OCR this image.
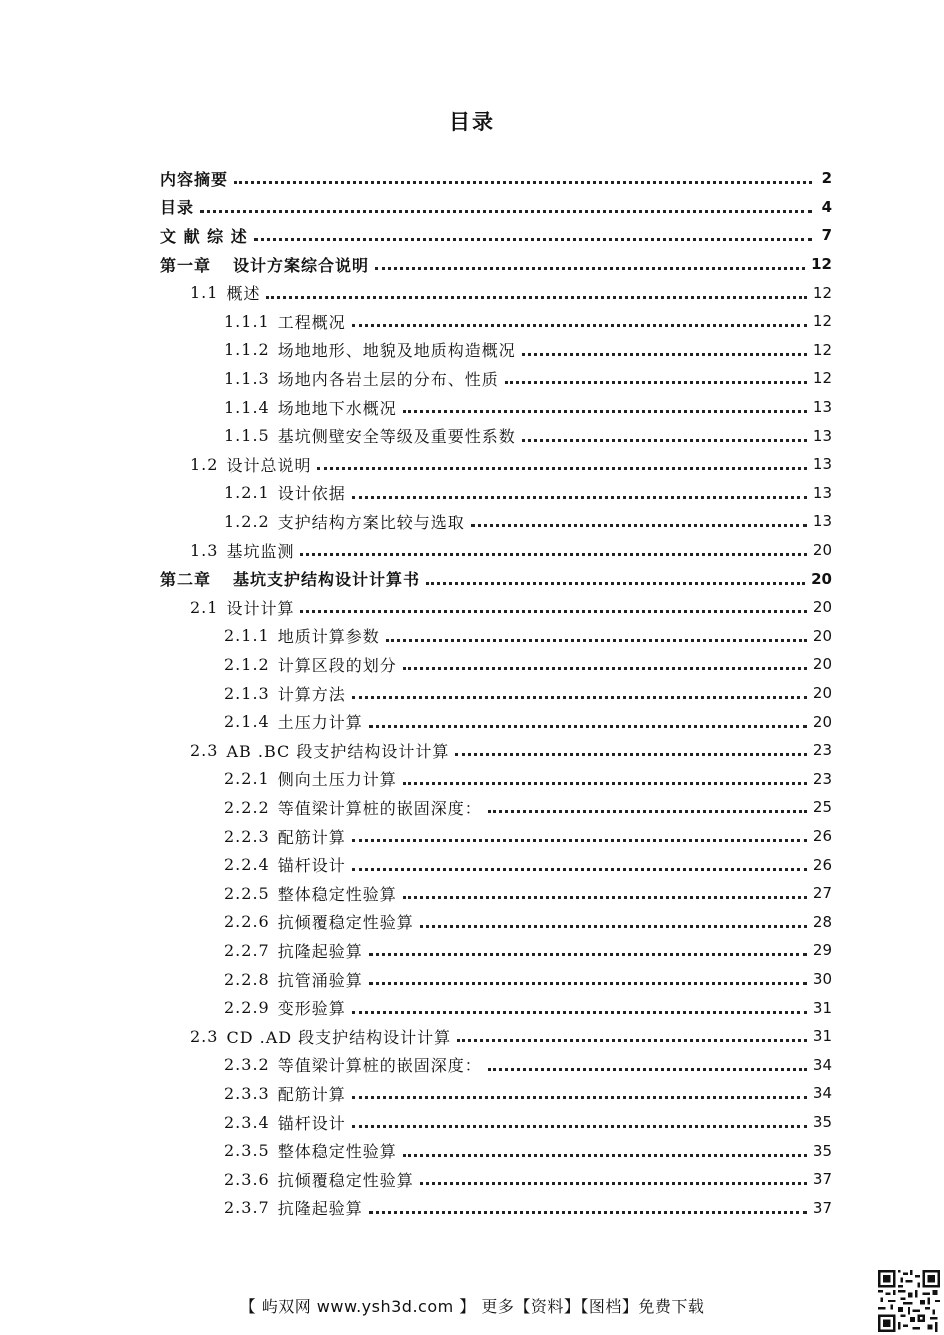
目录
内容摘要	2
目录	4
文 献 综 述	7
第一章 设计方案综合说明	12
1.1 概述	12
1.1.1 工程概况	12
1.1.2 场地地形、地貌及地质构造概况	12
1.1.3 场地内各岩土层的分布、性质	12
1.1.4 场地地下水概况	13
1.1.5 基坑侧壁安全等级及重要性系数	13
1.2 设计总说明	13
1.2.1 设计依据	13
1.2.2 支护结构方案比较与选取	13
1.3 基坑监测	20
第二章 基坑支护结构设计计算书	20
2.1 设计计算	20
2.1.1 地质计算参数	20
2.1.2 计算区段的划分	20
2.1.3 计算方法	20
2.1.4 土压力计算	20
2.3 AB .BC 段支护结构设计计算	23
2.2.1 侧向土压力计算	23
2.2.2 等值梁计算桩的嵌固深度：	25
2.2.3 配筋计算	26
2.2.4 锚杆设计	26
2.2.5 整体稳定性验算	27
2.2.6 抗倾覆稳定性验算	28
2.2.7 抗隆起验算	29
2.2.8 抗管涌验算	30
2.2.9 变形验算	31
2.3 CD .AD 段支护结构设计计算	31
2.3.2 等值梁计算桩的嵌固深度：	34
2.3.3 配筋计算	34
2.3.4 锚杆设计	35
2.3.5 整体稳定性验算	35
2.3.6 抗倾覆稳定性验算	37
2.3.7 抗隆起验算	37
【 屿双网 www.ysh3d.com 】 更多【资料】【图档】免费下载
